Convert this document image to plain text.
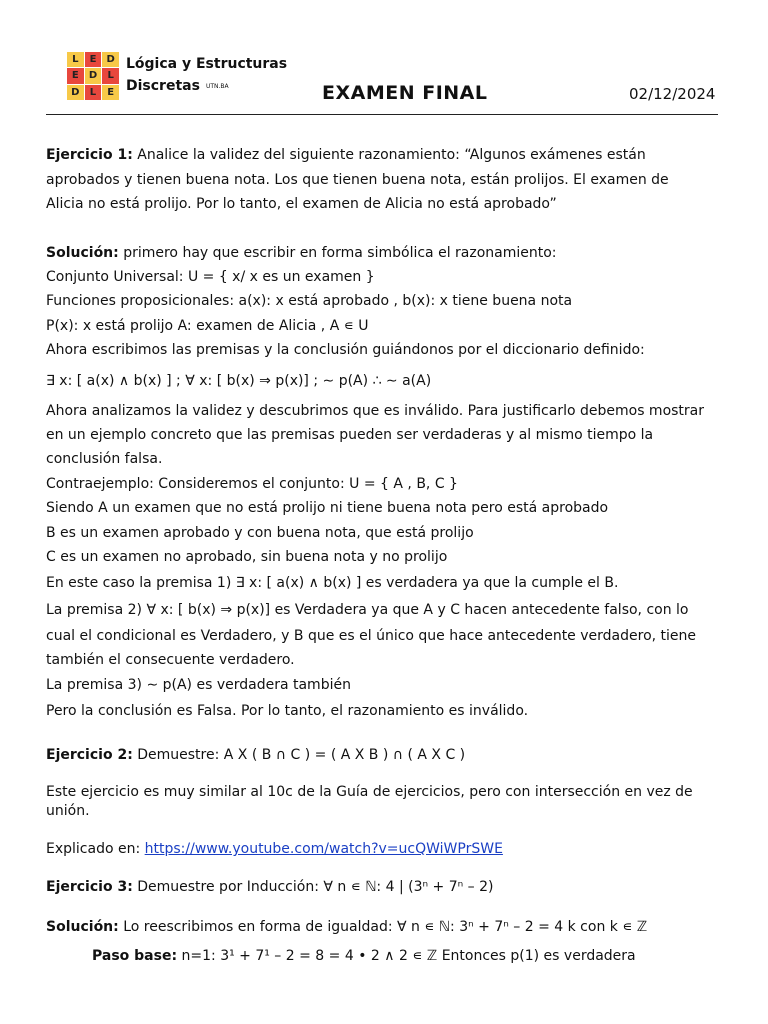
L	E	D
E	D	L
D	L	E
Lógica y Estructuras
Discretas UTN.BA	EXAMEN FINAL	02/12/2024
Ejercicio 1: Analice la validez del siguiente razonamiento: “Algunos exámenes están
aprobados y tienen buena nota. Los que tienen buena nota, están prolijos. El examen de
Alicia no está prolijo. Por lo tanto, el examen de Alicia no está aprobado”
Solución: primero hay que escribir en forma simbólica el razonamiento:
Conjunto Universal: U = { x/ x es un examen }
Funciones proposicionales: a(x): x está aprobado , b(x): x tiene buena nota
P(x): x está prolijo A: examen de Alicia , A ∊ U
Ahora escribimos las premisas y la conclusión guiándonos por el diccionario definido:
∃ x: [ a(x) ∧ b(x) ] ; ∀ x: [ b(x) ⇒ p(x)] ; ∼ p(A) ∴ ∼ a(A)
Ahora analizamos la validez y descubrimos que es inválido. Para justificarlo debemos mostrar
en un ejemplo concreto que las premisas pueden ser verdaderas y al mismo tiempo la
conclusión falsa.
Contraejemplo: Consideremos el conjunto: U = { A , B, C }
Siendo A un examen que no está prolijo ni tiene buena nota pero está aprobado
B es un examen aprobado y con buena nota, que está prolijo
C es un examen no aprobado, sin buena nota y no prolijo
En este caso la premisa 1) ∃ x: [ a(x) ∧ b(x) ] es verdadera ya que la cumple el B.
La premisa 2) ∀ x: [ b(x) ⇒ p(x)] es Verdadera ya que A y C hacen antecedente falso, con lo
cual el condicional es Verdadero, y B que es el único que hace antecedente verdadero, tiene
también el consecuente verdadero.
La premisa 3) ∼ p(A) es verdadera también
Pero la conclusión es Falsa. Por lo tanto, el razonamiento es inválido.
Ejercicio 2: Demuestre: A X ( B ∩ C ) = ( A X B ) ∩ ( A X C )
Este ejercicio es muy similar al 10c de la Guía de ejercicios, pero con intersección en vez de
unión.
Explicado en: https://www.youtube.com/watch?v=ucQWiWPrSWE
Ejercicio 3: Demuestre por Inducción: ∀ n ∊ ℕ: 4 | (3ⁿ + 7ⁿ – 2)
Solución: Lo reescribimos en forma de igualdad: ∀ n ∊ ℕ: 3ⁿ + 7ⁿ – 2 = 4 k con k ∊ ℤ
Paso base: n=1: 3¹ + 7¹ – 2 = 8 = 4 • 2 ∧ 2 ∊ ℤ Entonces p(1) es verdadera
